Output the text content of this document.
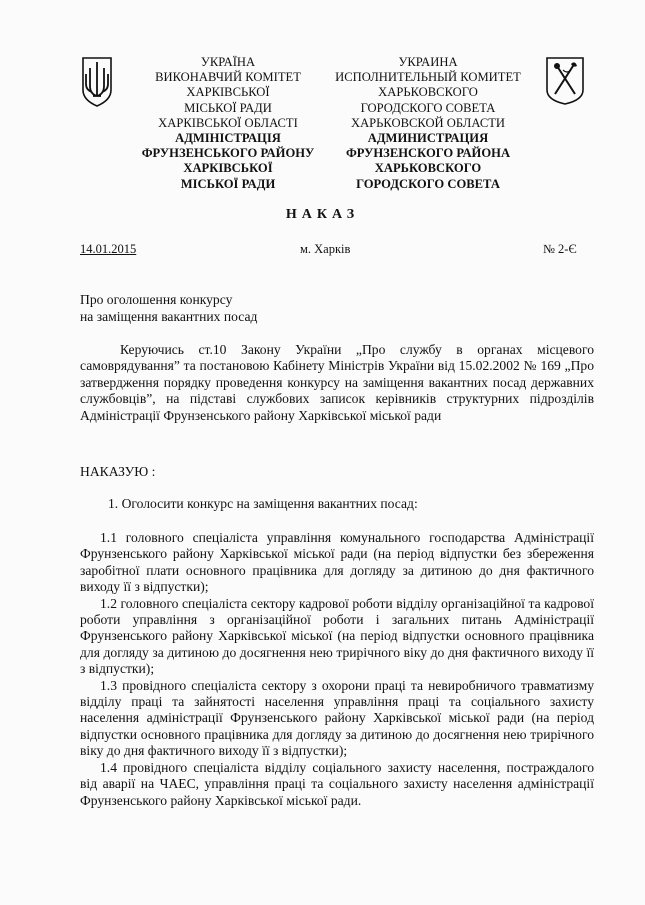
УКРАЇНА
ВИКОНАВЧИЙ КОМІТЕТ
ХАРКІВСЬКОЇ
МІСЬКОЇ РАДИ
ХАРКІВСЬКОЇ ОБЛАСТІ
АДМІНІСТРАЦІЯ
ФРУНЗЕНСЬКОГО РАЙОНУ
ХАРКІВСЬКОЇ
МІСЬКОЇ РАДИ
УКРАИНА
ИСПОЛНИТЕЛЬНЫЙ КОМИТЕТ
ХАРЬКОВСКОГО
ГОРОДСКОГО СОВЕТА
ХАРЬКОВСКОЙ ОБЛАСТИ
АДМИНИСТРАЦИЯ
ФРУНЗЕНСКОГО РАЙОНА
ХАРЬКОВСКОГО
ГОРОДСКОГО СОВЕТА
НАКАЗ
14.01.2015	м. Харків	№ 2-Є
Про оголошення конкурсу
на заміщення вакантних посад

Керуючись ст.10 Закону України „Про службу в органах місцевого самоврядування” та постановою Кабінету Міністрів України від 15.02.2002 № 169 „Про затвердження порядку проведення конкурсу на заміщення вакантних посад державних службовців”, на підставі службових записок керівників структурних підрозділів Адміністрації Фрунзенського району Харківської міської ради

НАКАЗУЮ :
1. Оголосити конкурс на заміщення вакантних посад:

1.1 головного спеціаліста управління комунального господарства Адміністрації Фрунзенського району Харківської міської ради (на період відпустки без збереження заробітної плати основного працівника для догляду за дитиною до дня фактичного виходу її з відпустки);

1.2 головного спеціаліста сектору кадрової роботи відділу організаційної та кадрової роботи управління з організаційної роботи і загальних питань Адміністрації Фрунзенського району Харківської міської (на період відпустки основного працівника для догляду за дитиною до досягнення нею трирічного віку до дня фактичного виходу її з відпустки);

1.3 провідного спеціаліста сектору з охорони праці та невиробничого травматизму відділу праці та зайнятості населення управління праці та соціального захисту населення адміністрації Фрунзенського району Харківської міської ради (на період відпустки основного працівника для догляду за дитиною до досягнення нею трирічного віку до дня фактичного виходу її з відпустки);

1.4 провідного спеціаліста відділу соціального захисту населення, постраждалого від аварії на ЧАЕС, управління праці та соціального захисту населення адміністрації Фрунзенського району Харківської міської ради.
